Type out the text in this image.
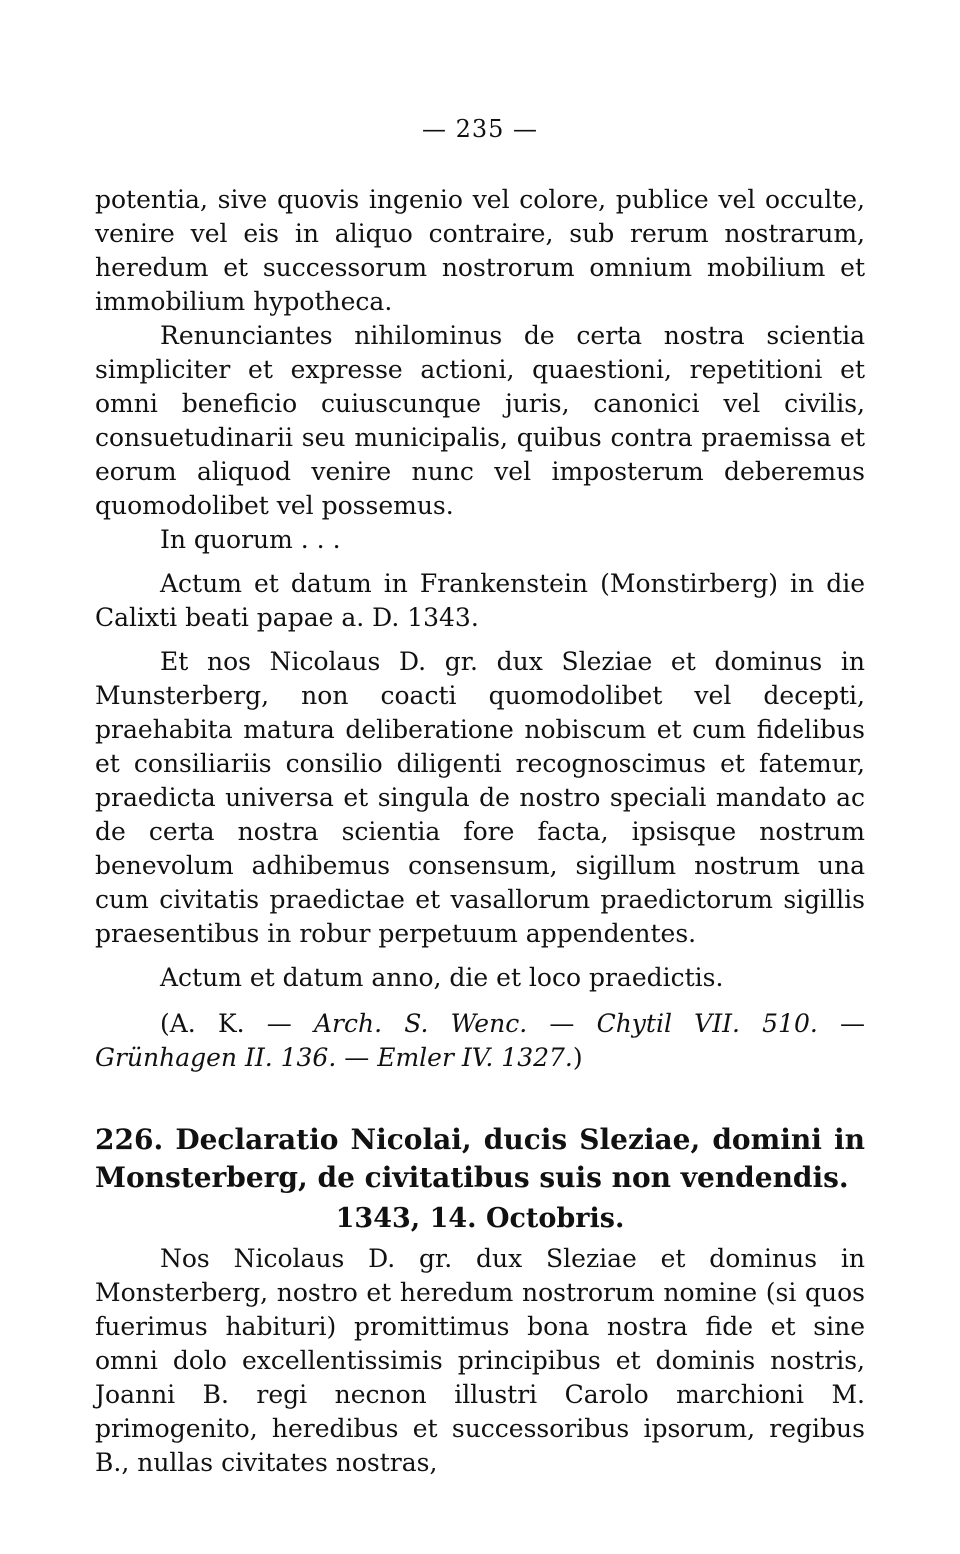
— 235 —

potentia, sive quovis ingenio vel colore, publice vel occulte, venire vel eis in aliquo contraire, sub rerum nostrarum, heredum et successorum nostrorum omnium mobilium et immobilium hypotheca.

Renunciantes nihilominus de certa nostra scientia simpliciter et expresse actioni, quaestioni, repetitioni et omni beneficio cuiuscunque juris, canonici vel civilis, consuetudinarii seu municipalis, quibus contra praemissa et eorum aliquod venire nunc vel imposterum deberemus quomodolibet vel possemus.

In quorum . . .

Actum et datum in Frankenstein (Monstirberg) in die Calixti beati papae a. D. 1343.

Et nos Nicolaus D. gr. dux Sleziae et dominus in Munsterberg, non coacti quomodolibet vel decepti, praehabita matura deliberatione nobiscum et cum fidelibus et consiliariis consilio diligenti recognoscimus et fatemur, praedicta universa et singula de nostro speciali mandato ac de certa nostra scientia fore facta, ipsisque nostrum benevolum adhibemus consensum, sigillum nostrum una cum civitatis praedictae et vasallorum praedictorum sigillis praesentibus in robur perpetuum appendentes.

Actum et datum anno, die et loco praedictis.

(A. K. — Arch. S. Wenc. — Chytil VII. 510. — Grünhagen II. 136. — Emler IV. 1327.)

226. Declaratio Nicolai, ducis Sleziae, domini in Monsterberg, de civitatibus suis non vendendis.
1343, 14. Octobris.

Nos Nicolaus D. gr. dux Sleziae et dominus in Monsterberg, nostro et heredum nostrorum nomine (si quos fuerimus habituri) promittimus bona nostra fide et sine omni dolo excellentissimis principibus et dominis nostris, Joanni B. regi necnon illustri Carolo marchioni M. primogenito, heredibus et successoribus ipsorum, regibus B., nullas civitates nostras,
